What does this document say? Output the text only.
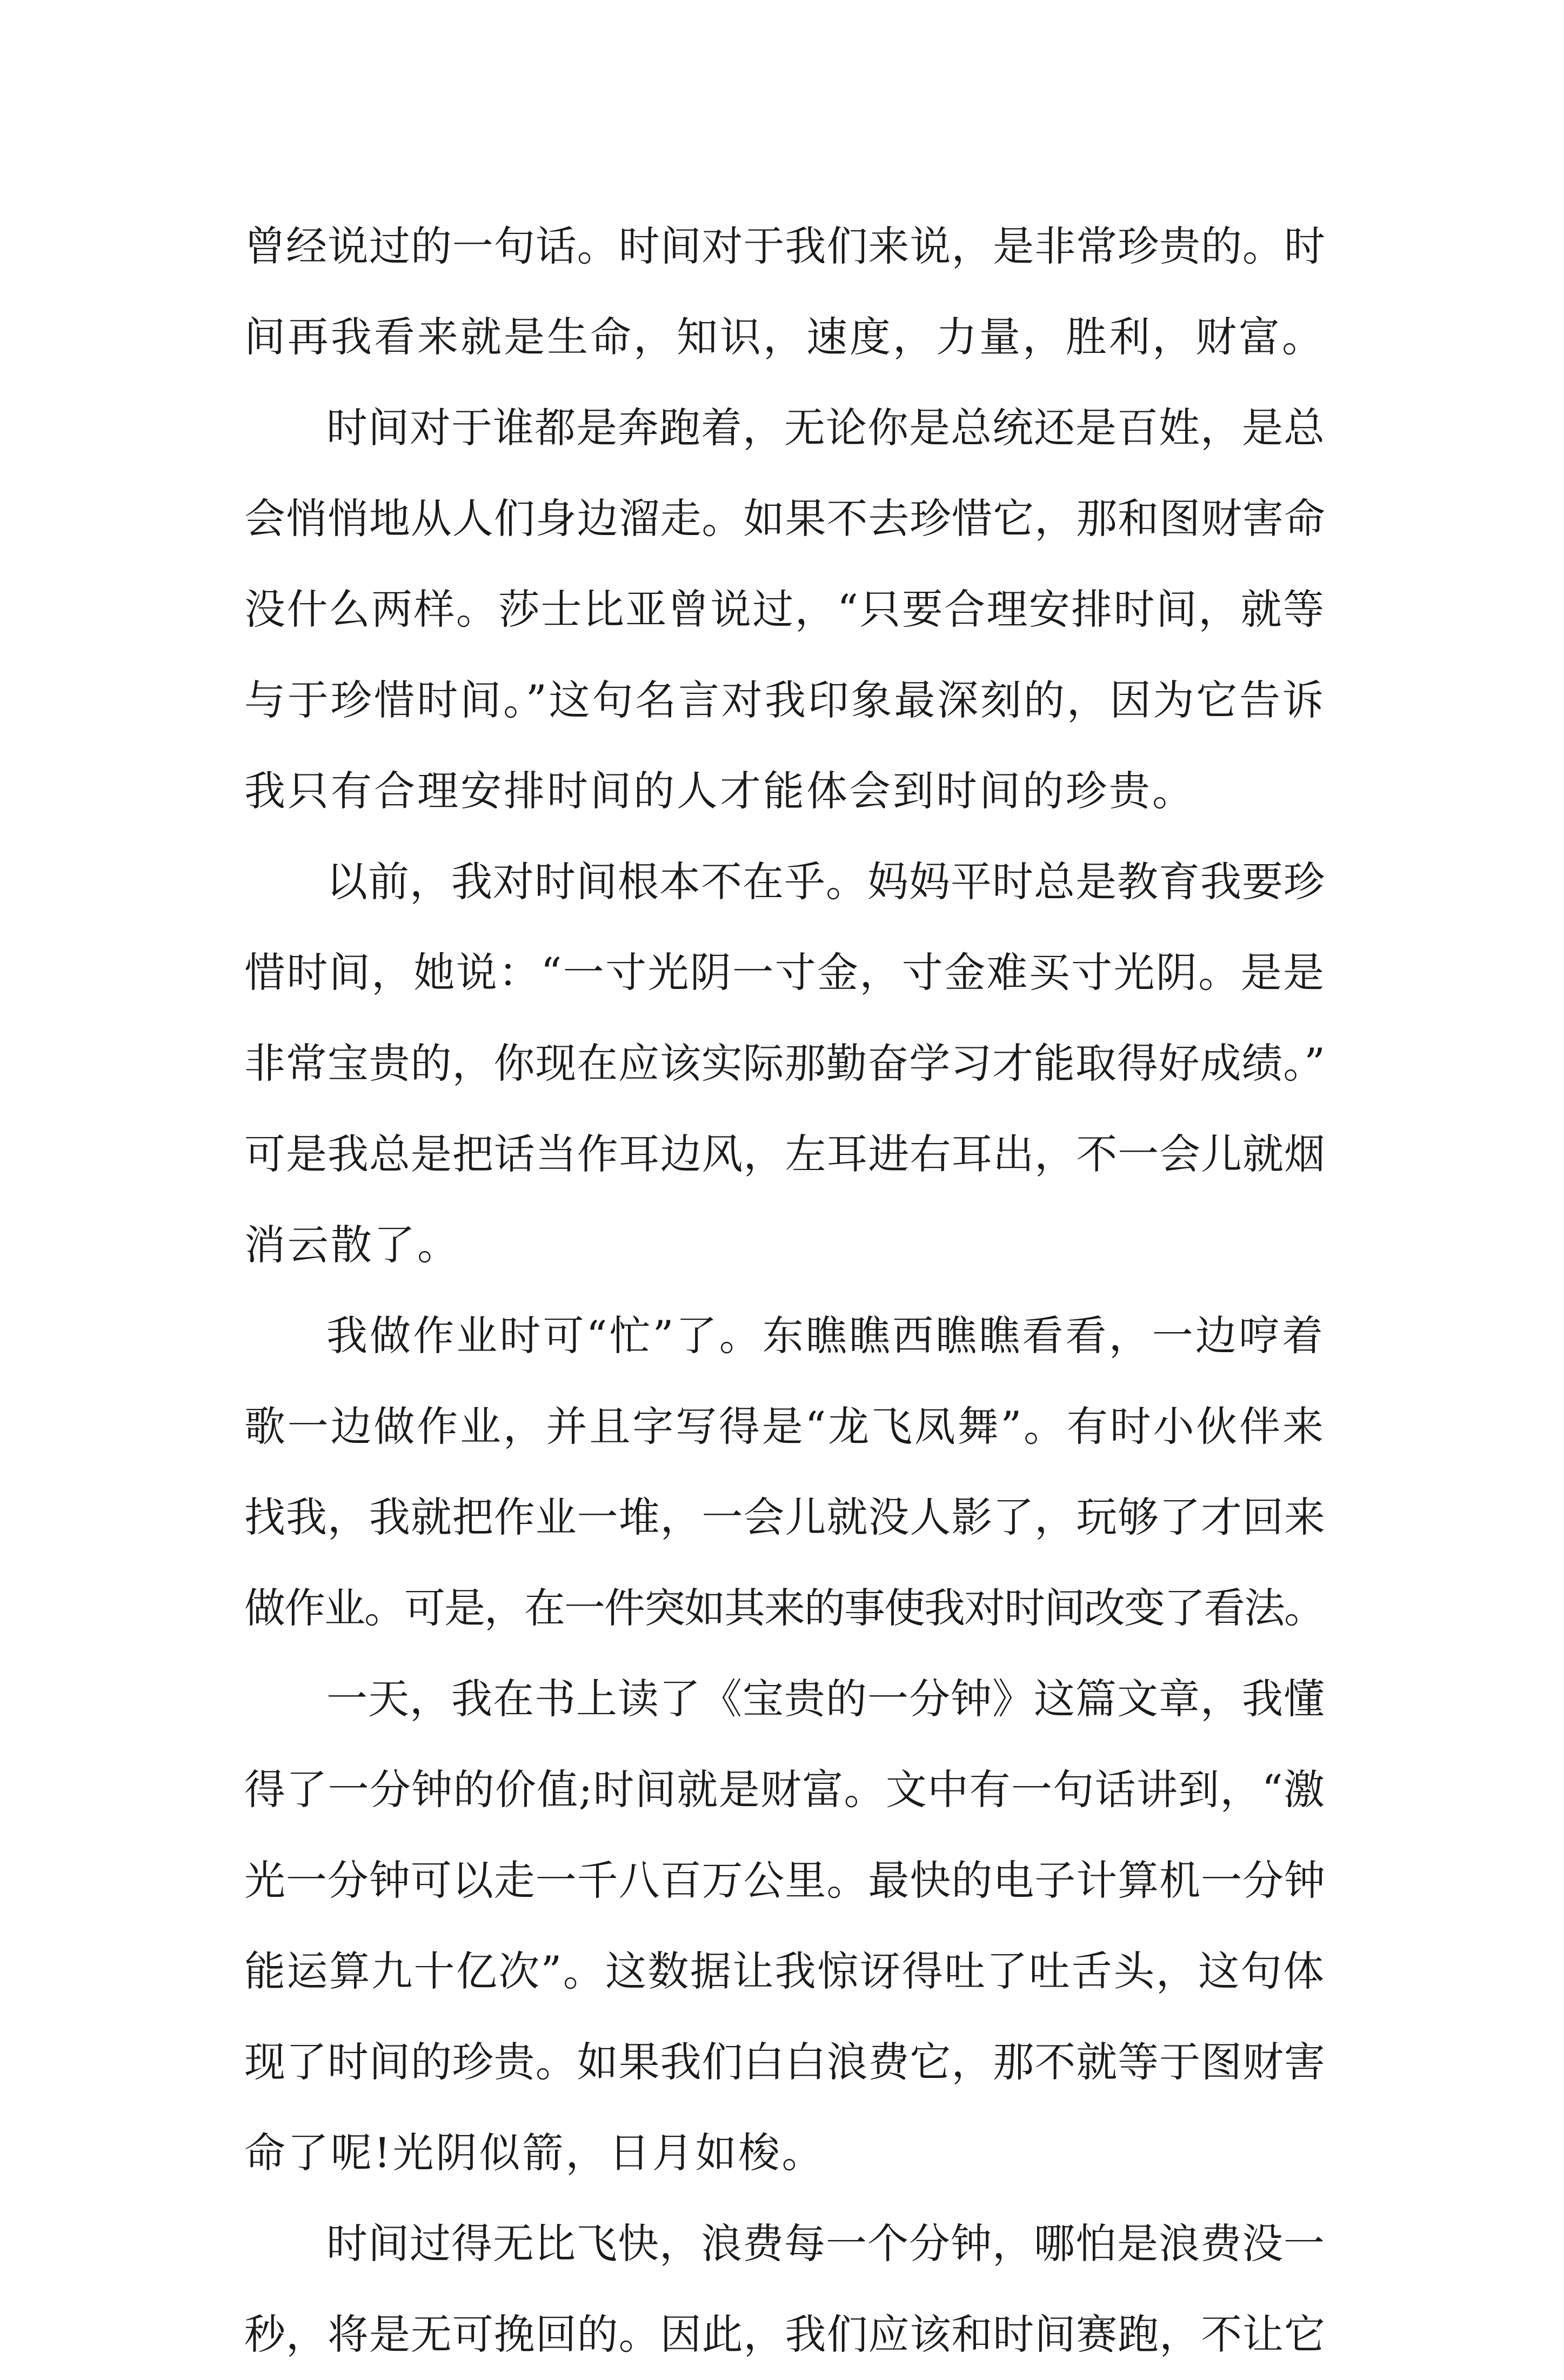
曾经说过的一句话。时间对于我们来说，是非常珍贵的。时
间再我看来就是生命，知识，速度，力量，胜利，财富。
时间对于谁都是奔跑着，无论你是总统还是百姓，是总
会悄悄地从人们身边溜走。如果不去珍惜它，那和图财害命
没什么两样。莎士比亚曾说过，“只要合理安排时间，就等
与于珍惜时间。”这句名言对我印象最深刻的，因为它告诉
我只有合理安排时间的人才能体会到时间的珍贵。
以前，我对时间根本不在乎。妈妈平时总是教育我要珍
惜时间，她说：“一寸光阴一寸金，寸金难买寸光阴。是是
非常宝贵的，你现在应该实际那勤奋学习才能取得好成绩。”
可是我总是把话当作耳边风，左耳进右耳出，不一会儿就烟
消云散了。
我做作业时可“忙”了。东瞧瞧西瞧瞧看看，一边哼着
歌一边做作业，并且字写得是“龙飞凤舞”。有时小伙伴来
找我，我就把作业一堆，一会儿就没人影了，玩够了才回来
做作业。可是，在一件突如其来的事使我对时间改变了看法。
一天，我在书上读了《宝贵的一分钟》这篇文章，我懂
得了一分钟的价值;时间就是财富。文中有一句话讲到，“激
光一分钟可以走一千八百万公里。最快的电子计算机一分钟
能运算九十亿次”。这数据让我惊讶得吐了吐舌头，这句体
现了时间的珍贵。如果我们白白浪费它，那不就等于图财害
命了呢!光阴似箭，日月如梭。
时间过得无比飞快，浪费每一个分钟，哪怕是浪费没一
秒，将是无可挽回的。因此，我们应该和时间赛跑，不让它
